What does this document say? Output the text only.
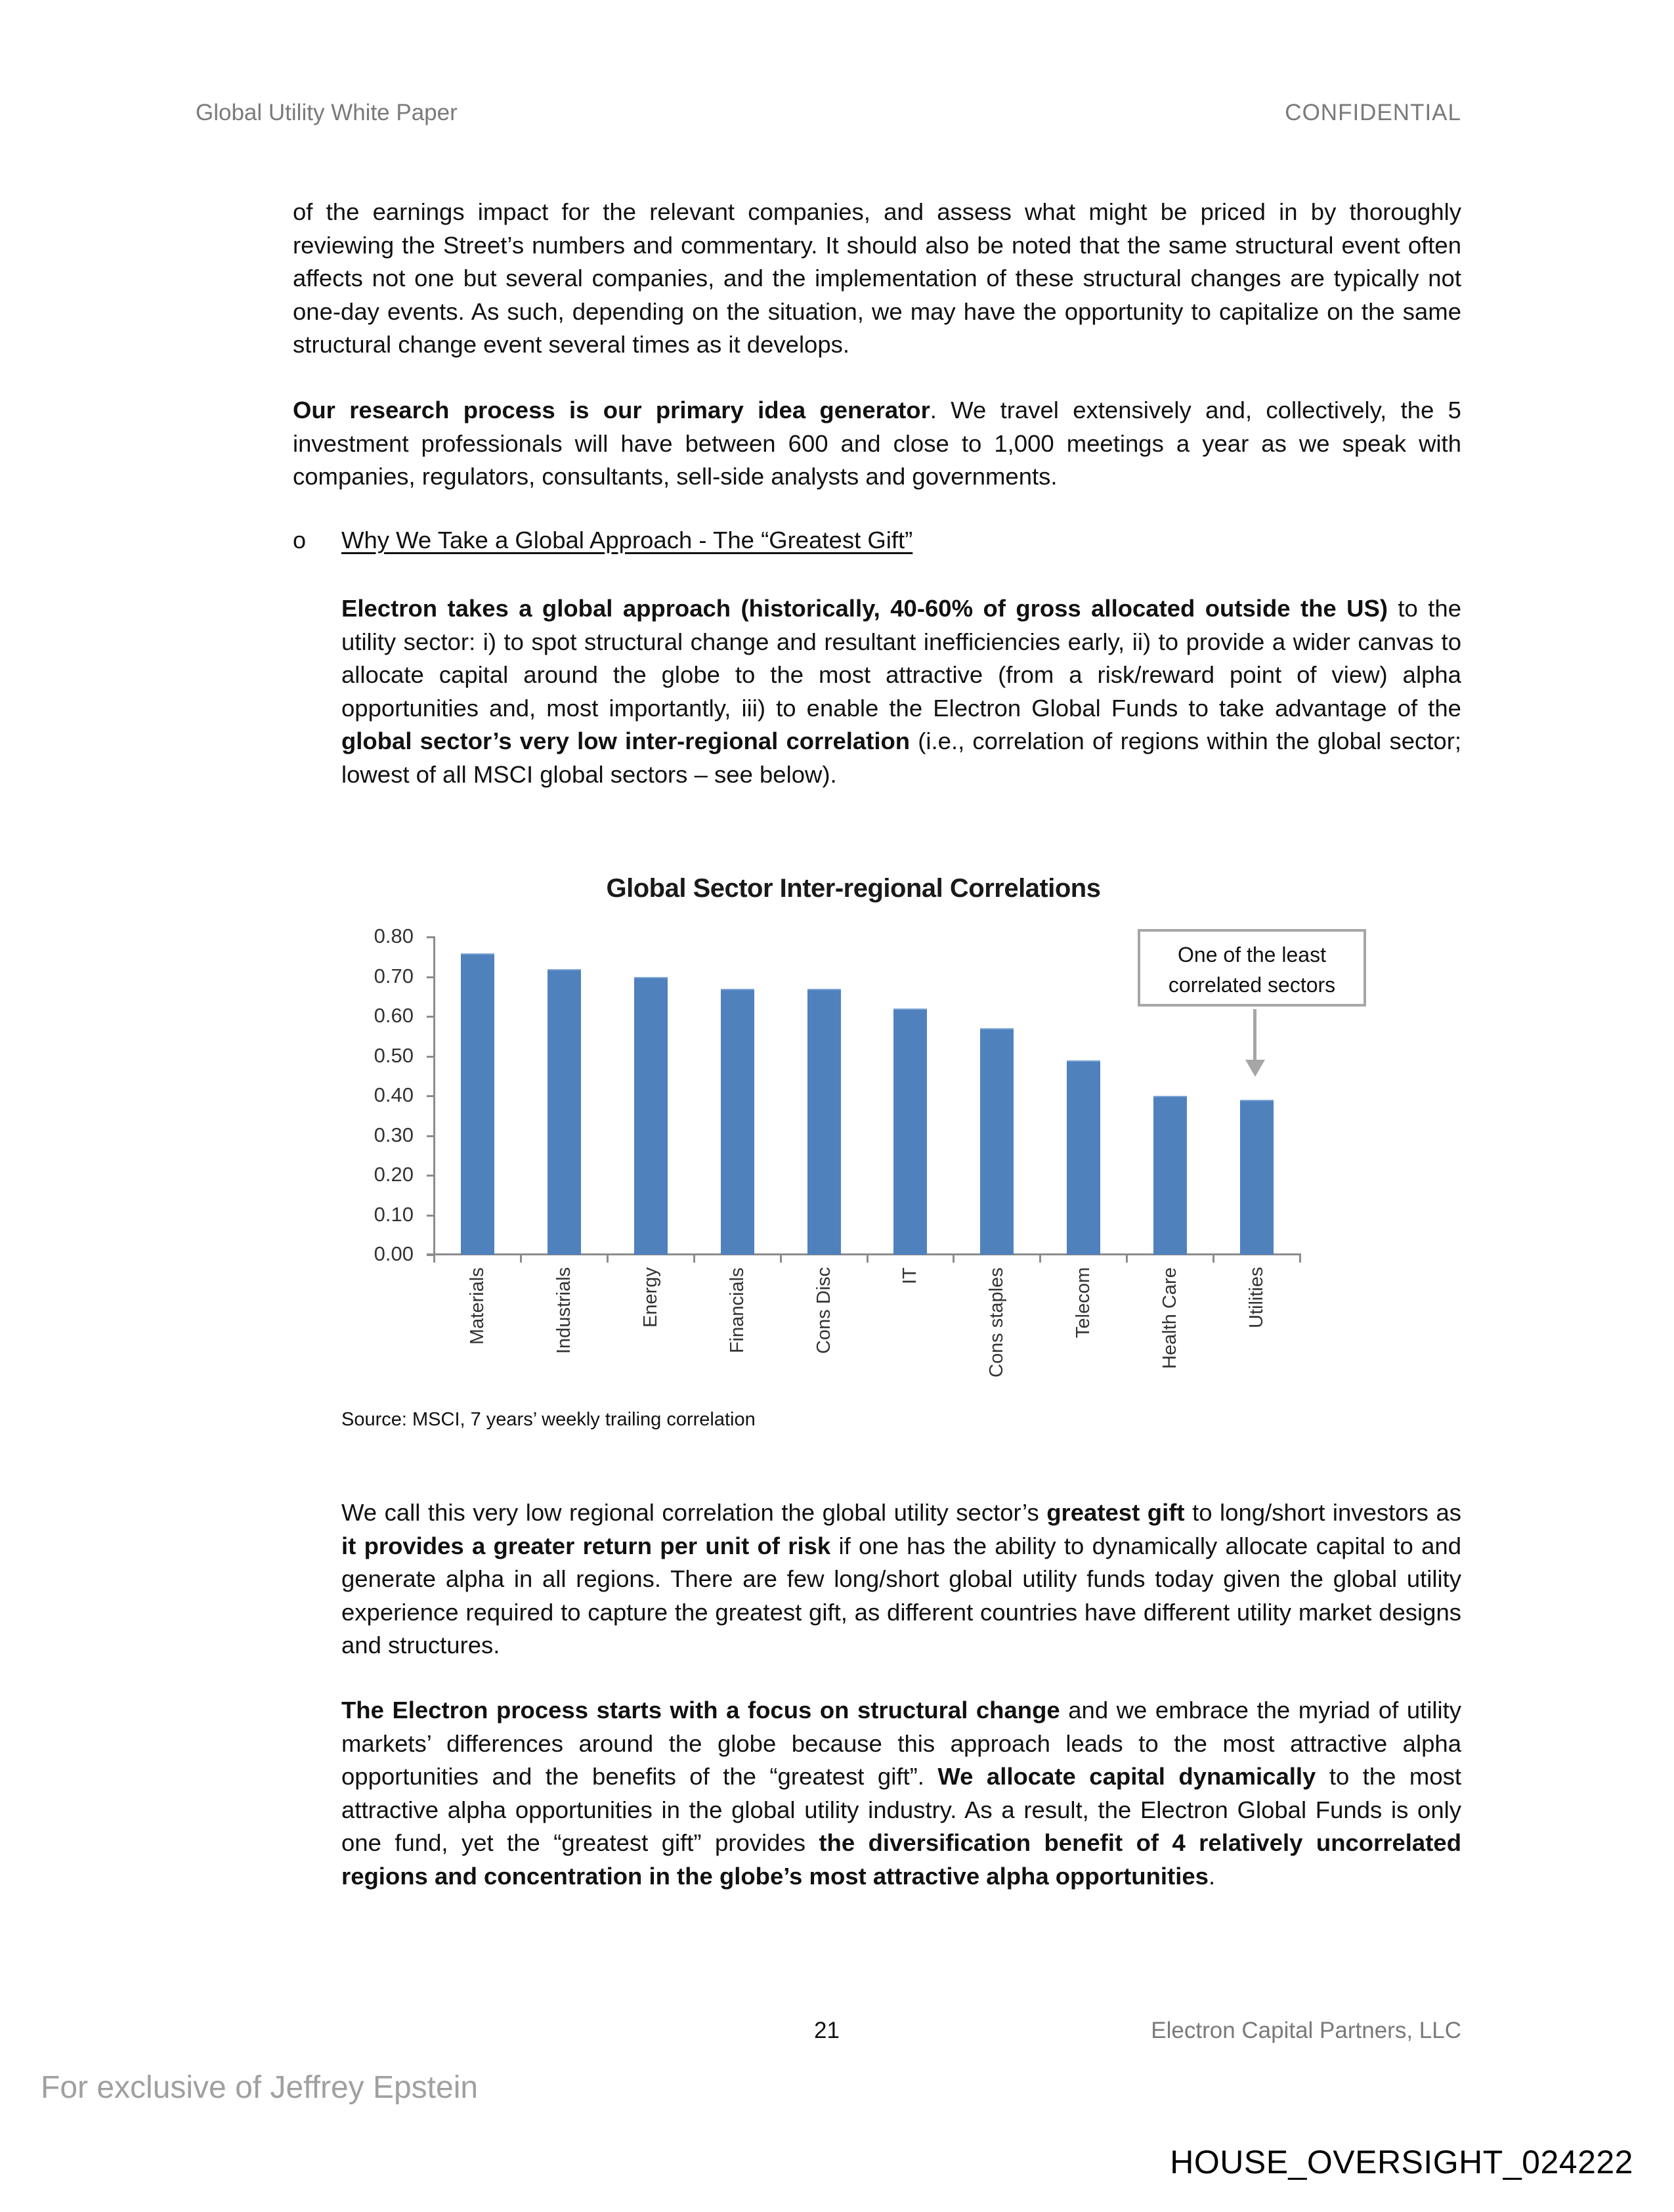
Global Utility White Paper	CONFIDENTIAL
of the earnings impact for the relevant companies, and assess what might be priced in by thoroughly reviewing the Street’s numbers and commentary. It should also be noted that the same structural event often affects not one but several companies, and the implementation of these structural changes are typically not one-day events. As such, depending on the situation, we may have the opportunity to capitalize on the same structural change event several times as it develops.
Our research process is our primary idea generator. We travel extensively and, collectively, the 5 investment professionals will have between 600 and close to 1,000 meetings a year as we speak with companies, regulators, consultants, sell-side analysts and governments.
o Why We Take a Global Approach - The “Greatest Gift”
Electron takes a global approach (historically, 40-60% of gross allocated outside the US) to the utility sector: i) to spot structural change and resultant inefficiencies early, ii) to provide a wider canvas to allocate capital around the globe to the most attractive (from a risk/reward point of view) alpha opportunities and, most importantly, iii) to enable the Electron Global Funds to take advantage of the global sector’s very low inter-regional correlation (i.e., correlation of regions within the global sector; lowest of all MSCI global sectors – see below).
Global Sector Inter-regional Correlations
0.00
0.10
0.20
0.30
0.40
0.50
0.60
0.70
0.80
Materials	Industrials	Energy	Financials	Cons Disc	IT	Cons staples	Telecom	Health Care	Utilities
One of the least
correlated sectors
Source: MSCI, 7 years’ weekly trailing correlation
We call this very low regional correlation the global utility sector’s greatest gift to long/short investors as it provides a greater return per unit of risk if one has the ability to dynamically allocate capital to and generate alpha in all regions. There are few long/short global utility funds today given the global utility experience required to capture the greatest gift, as different countries have different utility market designs and structures.
The Electron process starts with a focus on structural change and we embrace the myriad of utility markets’ differences around the globe because this approach leads to the most attractive alpha opportunities and the benefits of the “greatest gift”. We allocate capital dynamically to the most attractive alpha opportunities in the global utility industry. As a result, the Electron Global Funds is only one fund, yet the “greatest gift” provides the diversification benefit of 4 relatively uncorrelated regions and concentration in the globe’s most attractive alpha opportunities.
21	Electron Capital Partners, LLC
For exclusive of Jeffrey Epstein
HOUSE_OVERSIGHT_024222
